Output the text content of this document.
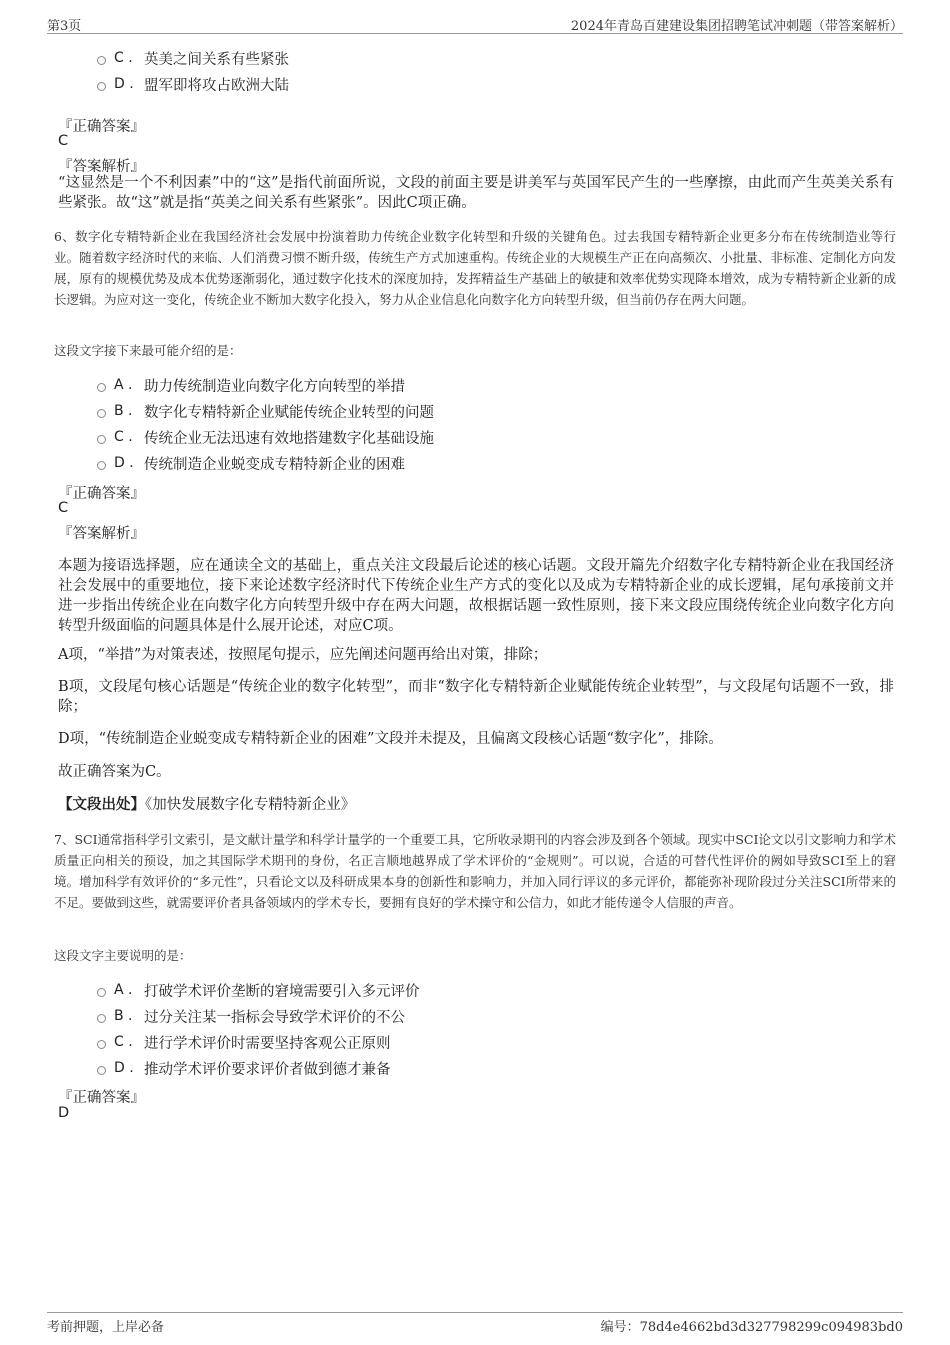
第3页	2024年青岛百建建设集团招聘笔试冲刺题（带答案解析）
C . 英美之间关系有些紧张
D . 盟军即将攻占欧洲大陆
『正确答案』
C
『答案解析』
“这显然是一个不利因素”中的“这”是指代前面所说，文段的前面主要是讲美军与英国军民产生的一些摩擦，由此而产生英美关系有些紧张。故“这”就是指“英美之间关系有些紧张”。因此C项正确。
6、数字化专精特新企业在我国经济社会发展中扮演着助力传统企业数字化转型和升级的关键角色。过去我国专精特新企业更多分布在传统制造业等行业。随着数字经济时代的来临、人们消费习惯不断升级，传统生产方式加速重构。传统企业的大规模生产正在向高频次、小批量、非标准、定制化方向发展，原有的规模优势及成本优势逐渐弱化，通过数字化技术的深度加持，发挥精益生产基础上的敏捷和效率优势实现降本增效，成为专精特新企业新的成长逻辑。为应对这一变化，传统企业不断加大数字化投入，努力从企业信息化向数字化方向转型升级，但当前仍存在两大问题。
这段文字接下来最可能介绍的是：
A . 助力传统制造业向数字化方向转型的举措
B . 数字化专精特新企业赋能传统企业转型的问题
C . 传统企业无法迅速有效地搭建数字化基础设施
D . 传统制造企业蜕变成专精特新企业的困难
『正确答案』
C
『答案解析』
本题为接语选择题，应在通读全文的基础上，重点关注文段最后论述的核心话题。文段开篇先介绍数字化专精特新企业在我国经济社会发展中的重要地位，接下来论述数字经济时代下传统企业生产方式的变化以及成为专精特新企业的成长逻辑，尾句承接前文并进一步指出传统企业在向数字化方向转型升级中存在两大问题，故根据话题一致性原则，接下来文段应围绕传统企业向数字化方向转型升级面临的问题具体是什么展开论述，对应C项。
A项，“举措”为对策表述，按照尾句提示，应先阐述问题再给出对策，排除；
B项，文段尾句核心话题是“传统企业的数字化转型”，而非“数字化专精特新企业赋能传统企业转型”，与文段尾句话题不一致，排除；
D项，“传统制造企业蜕变成专精特新企业的困难”文段并未提及，且偏离文段核心话题“数字化”，排除。
故正确答案为C。
【文段出处】《加快发展数字化专精特新企业》
7、SCI通常指科学引文索引，是文献计量学和科学计量学的一个重要工具，它所收录期刊的内容会涉及到各个领域。现实中SCI论文以引文影响力和学术质量正向相关的预设，加之其国际学术期刊的身份，名正言顺地越界成了学术评价的“金规则”。可以说，合适的可替代性评价的阙如导致SCI至上的窘境。增加科学有效评价的“多元性”，只看论文以及科研成果本身的创新性和影响力，并加入同行评议的多元评价，都能弥补现阶段过分关注SCI所带来的不足。要做到这些，就需要评价者具备领域内的学术专长，要拥有良好的学术操守和公信力，如此才能传递令人信服的声音。
这段文字主要说明的是：
A . 打破学术评价垄断的窘境需要引入多元评价
B . 过分关注某一指标会导致学术评价的不公
C . 进行学术评价时需要坚持客观公正原则
D . 推动学术评价要求评价者做到德才兼备
『正确答案』
D
考前押题，上岸必备	编号：78d4e4662bd3d327798299c094983bd0
